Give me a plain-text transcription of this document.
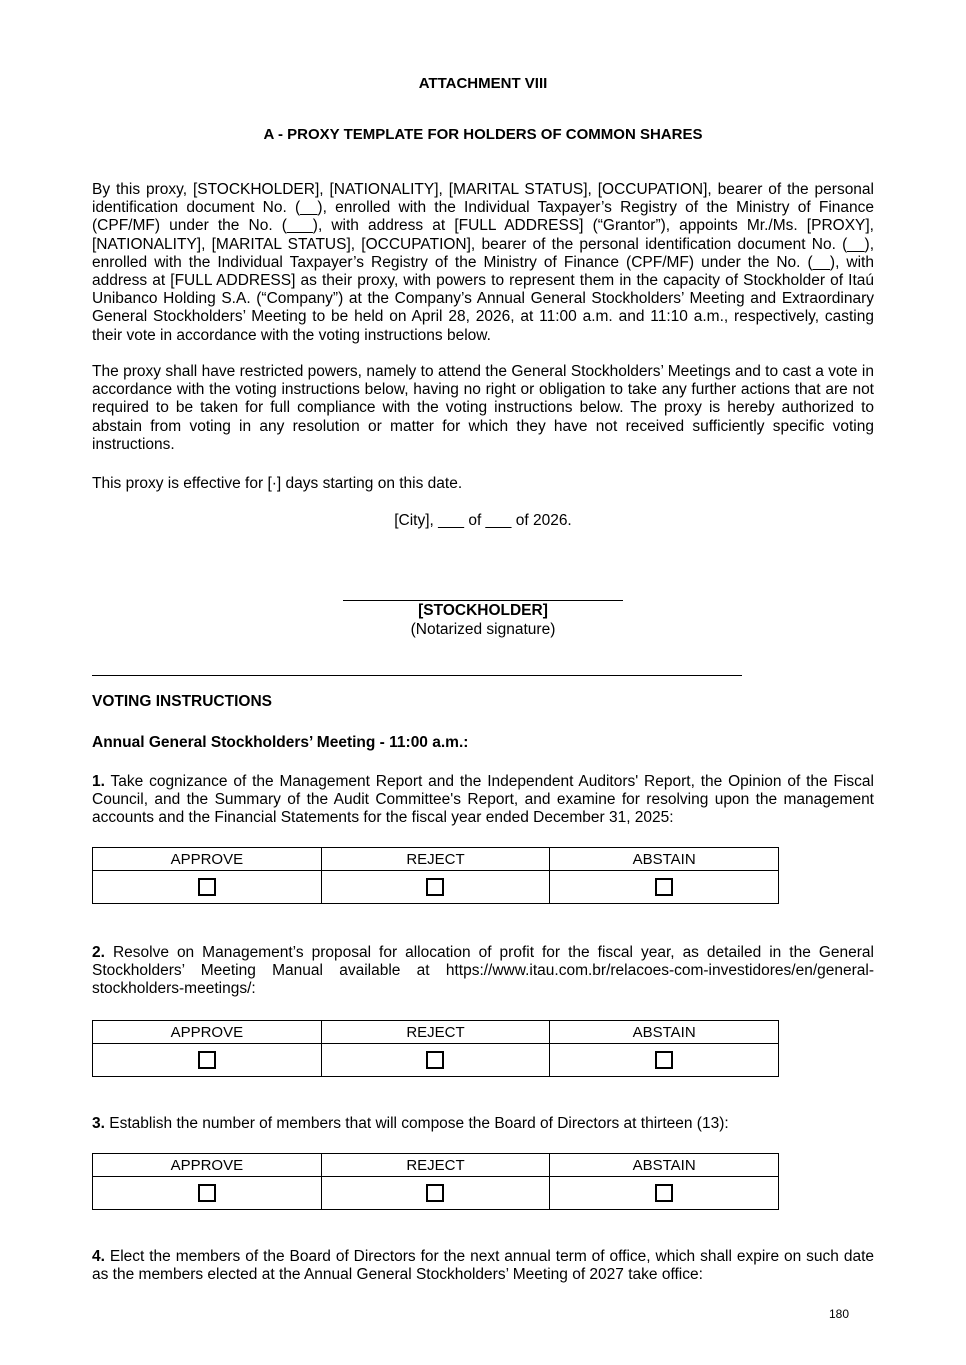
ATTACHMENT VIII
A - PROXY TEMPLATE FOR HOLDERS OF COMMON SHARES

By this proxy, [STOCKHOLDER], [NATIONALITY], [MARITAL STATUS], [OCCUPATION], bearer of the personal identification document No. (__), enrolled with the Individual Taxpayer’s Registry of the Ministry of Finance (CPF/MF) under the No. (___), with address at [FULL ADDRESS] (“Grantor”), appoints Mr./Ms. [PROXY], [NATIONALITY], [MARITAL STATUS], [OCCUPATION], bearer of the personal identification document No. (__), enrolled with the Individual Taxpayer’s Registry of the Ministry of Finance (CPF/MF) under the No. (__), with address at [FULL ADDRESS] as their proxy, with powers to represent them in the capacity of Stockholder of Itaú Unibanco Holding S.A. (“Company”) at the Company’s Annual General Stockholders’ Meeting and Extraordinary General Stockholders’ Meeting to be held on April 28, 2026, at 11:00 a.m. and 11:10 a.m., respectively, casting their vote in accordance with the voting instructions below.

The proxy shall have restricted powers, namely to attend the General Stockholders’ Meetings and to cast a vote in accordance with the voting instructions below, having no right or obligation to take any further actions that are not required to be taken for full compliance with the voting instructions below. The proxy is hereby authorized to abstain from voting in any resolution or matter for which they have not received sufficiently specific voting instructions.

This proxy is effective for [·] days starting on this date.

[City], ___ of ___ of 2026.
[STOCKHOLDER]
(Notarized signature)
VOTING INSTRUCTIONS
Annual General Stockholders’ Meeting - 11:00 a.m.:

1. Take cognizance of the Management Report and the Independent Auditors' Report, the Opinion of the Fiscal Council, and the Summary of the Audit Committee's Report, and examine for resolving upon the management accounts and the Financial Statements for the fiscal year ended December 31, 2025:

APPROVE	REJECT	ABSTAIN

2. Resolve on Management’s proposal for allocation of profit for the fiscal year, as detailed in the General Stockholders’ Meeting Manual available at https://www.itau.com.br/relacoes-com-investidores/en/general-stockholders-meetings/:

APPROVE	REJECT	ABSTAIN

3. Establish the number of members that will compose the Board of Directors at thirteen (13):

APPROVE	REJECT	ABSTAIN

4. Elect the members of the Board of Directors for the next annual term of office, which shall expire on such date as the members elected at the Annual General Stockholders’ Meeting of 2027 take office:

180
